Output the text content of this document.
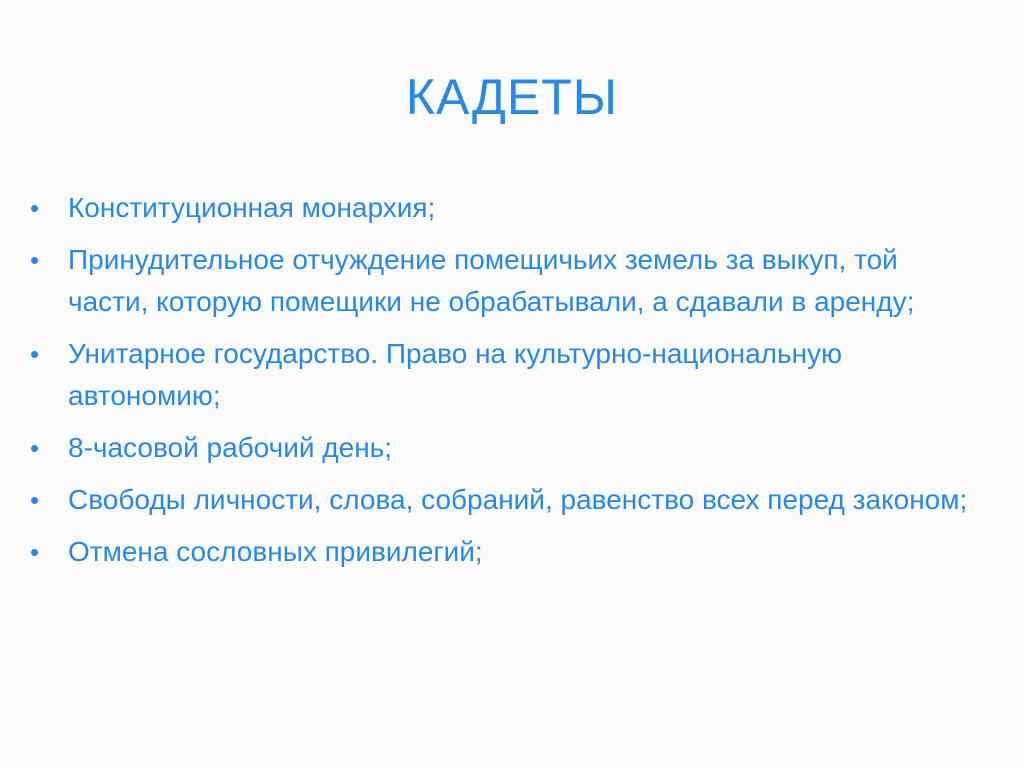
КАДЕТЫ
•	Конституционная монархия;
•	Принудительное отчуждение помещичьих земель за выкуп, той части, которую помещики не обрабатывали, а сдавали в аренду;
•	Унитарное государство. Право на культурно-национальную автономию;
•	8-часовой рабочий день;
•	Свободы личности, слова, собраний, равенство всех перед законом;
•	Отмена сословных привилегий;
